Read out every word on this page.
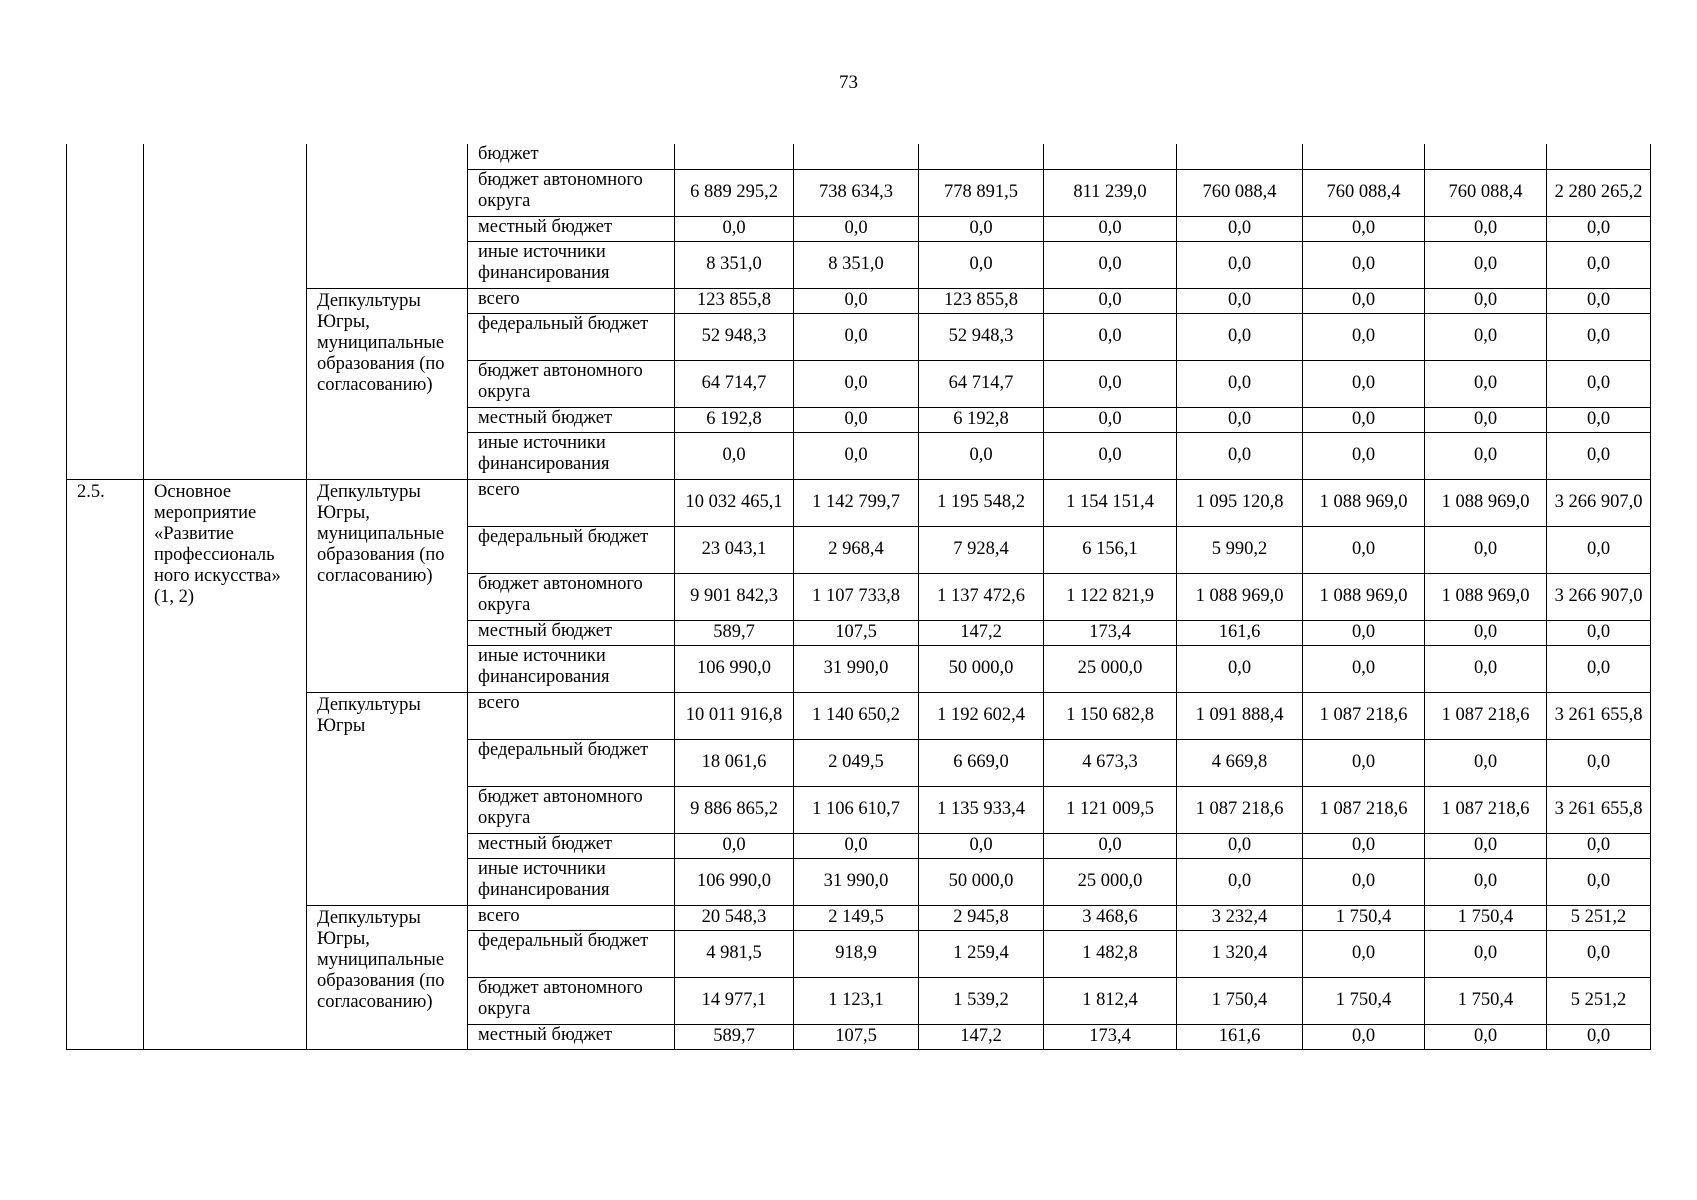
73
			бюджет								
			бюджет автономного округа	6 889 295,2	738 634,3	778 891,5	811 239,0	760 088,4	760 088,4	760 088,4	2 280 265,2
			местный бюджет	0,0	0,0	0,0	0,0	0,0	0,0	0,0	0,0
			иные источники финансирования	8 351,0	8 351,0	0,0	0,0	0,0	0,0	0,0	0,0
		Депкультуры Югры, муниципальные образования (по согласованию)	всего	123 855,8	0,0	123 855,8	0,0	0,0	0,0	0,0	0,0
			федеральный бюджет	52 948,3	0,0	52 948,3	0,0	0,0	0,0	0,0	0,0
			бюджет автономного округа	64 714,7	0,0	64 714,7	0,0	0,0	0,0	0,0	0,0
			местный бюджет	6 192,8	0,0	6 192,8	0,0	0,0	0,0	0,0	0,0
			иные источники финансирования	0,0	0,0	0,0	0,0	0,0	0,0	0,0	0,0
2.5.	Основное мероприятие «Развитие профессиональ ного искусства» (1, 2)	Депкультуры Югры, муниципальные образования (по согласованию)	всего	10 032 465,1	1 142 799,7	1 195 548,2	1 154 151,4	1 095 120,8	1 088 969,0	1 088 969,0	3 266 907,0
			федеральный бюджет	23 043,1	2 968,4	7 928,4	6 156,1	5 990,2	0,0	0,0	0,0
			бюджет автономного округа	9 901 842,3	1 107 733,8	1 137 472,6	1 122 821,9	1 088 969,0	1 088 969,0	1 088 969,0	3 266 907,0
			местный бюджет	589,7	107,5	147,2	173,4	161,6	0,0	0,0	0,0
			иные источники финансирования	106 990,0	31 990,0	50 000,0	25 000,0	0,0	0,0	0,0	0,0
		Депкультуры Югры	всего	10 011 916,8	1 140 650,2	1 192 602,4	1 150 682,8	1 091 888,4	1 087 218,6	1 087 218,6	3 261 655,8
			федеральный бюджет	18 061,6	2 049,5	6 669,0	4 673,3	4 669,8	0,0	0,0	0,0
			бюджет автономного округа	9 886 865,2	1 106 610,7	1 135 933,4	1 121 009,5	1 087 218,6	1 087 218,6	1 087 218,6	3 261 655,8
			местный бюджет	0,0	0,0	0,0	0,0	0,0	0,0	0,0	0,0
			иные источники финансирования	106 990,0	31 990,0	50 000,0	25 000,0	0,0	0,0	0,0	0,0
		Депкультуры Югры, муниципальные образования (по согласованию)	всего	20 548,3	2 149,5	2 945,8	3 468,6	3 232,4	1 750,4	1 750,4	5 251,2
			федеральный бюджет	4 981,5	918,9	1 259,4	1 482,8	1 320,4	0,0	0,0	0,0
			бюджет автономного округа	14 977,1	1 123,1	1 539,2	1 812,4	1 750,4	1 750,4	1 750,4	5 251,2
			местный бюджет	589,7	107,5	147,2	173,4	161,6	0,0	0,0	0,0
